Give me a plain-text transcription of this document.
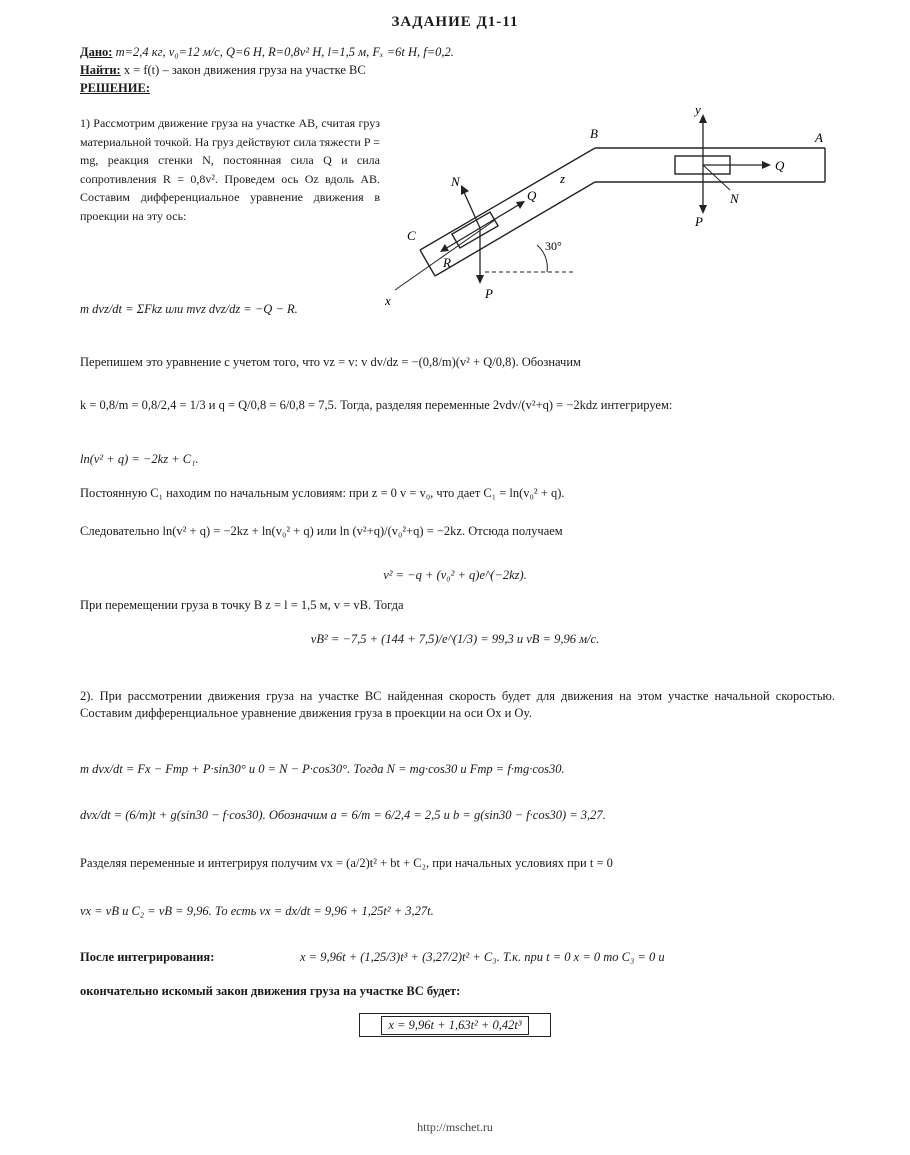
ЗАДАНИЕ Д1-11
Дано: m=2,4 кг, v₀=12 м/с, Q=6 Н, R=0,8v² Н, l=1,5 м, Fₓ =6t Н, f=0,2.
Найти: x = f(t) – закон движения груза на участке BC
РЕШЕНИЕ:

1) Рассмотрим движение груза на участке AB, считая груз материальной точкой. На груз действуют сила тяжести P = mg, реакция стенки N, постоянная сила Q и сила сопротивления R = 0,8v². Проведем ось Oz вдоль AB. Составим дифференциальное уравнение движения в проекции на эту ось:

m dvz/dt = ΣFkz или mvz dvz/dz = −Q − R.
B	A
C
x
y
P
P
N
N
Q
Q
R
z
30°
Перепишем это уравнение с учетом того, что vz = v: v dv/dz = −(0,8/m)(v² + Q/0,8). Обозначим
k = 0,8/m = 0,8/2,4 = 1/3 и q = Q/0,8 = 6/0,8 = 7,5. Тогда, разделяя переменные 2vdv/(v²+q) = −2kdz интегрируем:
ln(v² + q) = −2kz + C₁.
Постоянную C₁ находим по начальным условиям: при z = 0 v = v₀, что дает C₁ = ln(v₀² + q).
Следовательно ln(v² + q) = −2kz + ln(v₀² + q) или ln (v²+q)/(v₀²+q) = −2kz. Отсюда получаем
v² = −q + (v₀² + q)e^(−2kz).
При перемещении груза в точку B z = l = 1,5 м, v = vB. Тогда
vB² = −7,5 + (144 + 7,5)/e^(1/3) = 99,3 и vB = 9,96 м/с.
2). При рассмотрении движения груза на участке BC найденная скорость будет для движения на этом участке начальной скоростью. Составим дифференциальное уравнение движения груза в проекции на оси Ox и Oy.
m dvx/dt = Fx − Fтр + P·sin30° и 0 = N − P·cos30°. Тогда N = mg·cos30 и Fтр = f·mg·cos30.
dvx/dt = (6/m)t + g(sin30 − f·cos30). Обозначим a = 6/m = 6/2,4 = 2,5 и b = g(sin30 − f·cos30) = 3,27.
Разделяя переменные и интегрируя получим vx = (a/2)t² + bt + C₂, при начальных условиях при t = 0
vx = vB и C₂ = vB = 9,96. То есть vx = dx/dt = 9,96 + 1,25t² + 3,27t.
После интегрирования:	x = 9,96t + (1,25/3)t³ + (3,27/2)t² + C₃. Т.к. при t = 0 x = 0 то C₃ = 0 и
окончательно искомый закон движения груза на участке BC будет:
x = 9,96t + 1,63t² + 0,42t³
http://mschet.ru
